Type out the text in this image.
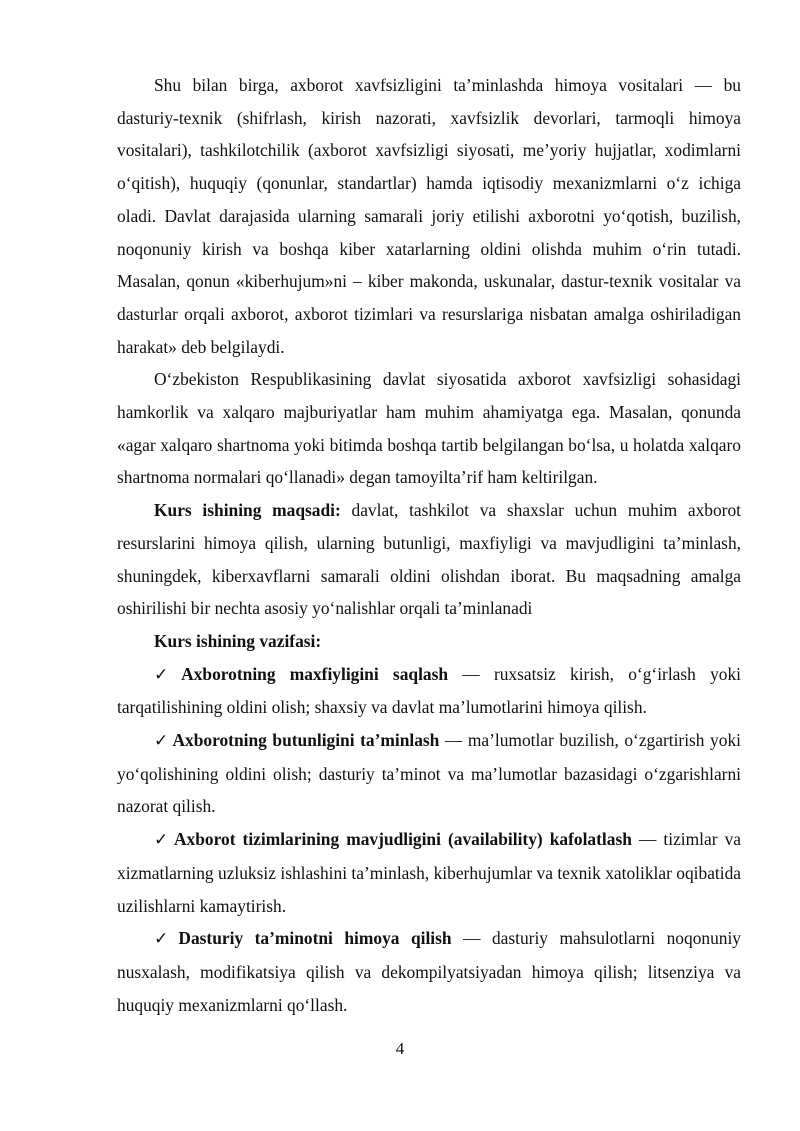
Shu bilan birga, axborot xavfsizligini ta’minlashda himoya vositalari — bu dasturiy-texnik (shifrlash, kirish nazorati, xavfsizlik devorlari, tarmoqli himoya vositalari), tashkilotchilik (axborot xavfsizligi siyosati, me’yoriy hujjatlar, xodimlarni o‘qitish), huquqiy (qonunlar, standartlar) hamda iqtisodiy mexanizmlarni o‘z ichiga oladi. Davlat darajasida ularning samarali joriy etilishi axborotni yo‘qotish, buzilish, noqonuniy kirish va boshqa kiber xatarlarning oldini olishda muhim o‘rin tutadi. Masalan, qonun «kiberhujum»ni – kiber makonda, uskunalar, dastur-texnik vositalar va dasturlar orqali axborot, axborot tizimlari va resurslariga nisbatan amalga oshiriladigan harakat» deb belgilaydi.

O‘zbekiston Respublikasining davlat siyosatida axborot xavfsizligi sohasidagi hamkorlik va xalqaro majburiyatlar ham muhim ahamiyatga ega. Masalan, qonunda «agar xalqaro shartnoma yoki bitimda boshqa tartib belgilangan bo‘lsa, u holatda xalqaro shartnoma normalari qo‘llanadi» degan tamoyilta’rif ham keltirilgan.

Kurs ishining maqsadi: davlat, tashkilot va shaxslar uchun muhim axborot resurslarini himoya qilish, ularning butunligi, maxfiyligi va mavjudligini ta’minlash, shuningdek, kiberxavflarni samarali oldini olishdan iborat. Bu maqsadning amalga oshirilishi bir nechta asosiy yo‘nalishlar orqali ta’minlanadi

Kurs ishining vazifasi:

✓ Axborotning maxfiyligini saqlash — ruxsatsiz kirish, o‘g‘irlash yoki tarqatilishining oldini olish; shaxsiy va davlat ma’lumotlarini himoya qilish.

✓ Axborotning butunligini ta’minlash — ma’lumotlar buzilish, o‘zgartirish yoki yo‘qolishining oldini olish; dasturiy ta’minot va ma’lumotlar bazasidagi o‘zgarishlarni nazorat qilish.

✓ Axborot tizimlarining mavjudligini (availability) kafolatlash — tizimlar va xizmatlarning uzluksiz ishlashini ta’minlash, kiberhujumlar va texnik xatoliklar oqibatida uzilishlarni kamaytirish.

✓ Dasturiy ta’minotni himoya qilish — dasturiy mahsulotlarni noqonuniy nusxalash, modifikatsiya qilish va dekompilyatsiyadan himoya qilish; litsenziya va huquqiy mexanizmlarni qo‘llash.

4
